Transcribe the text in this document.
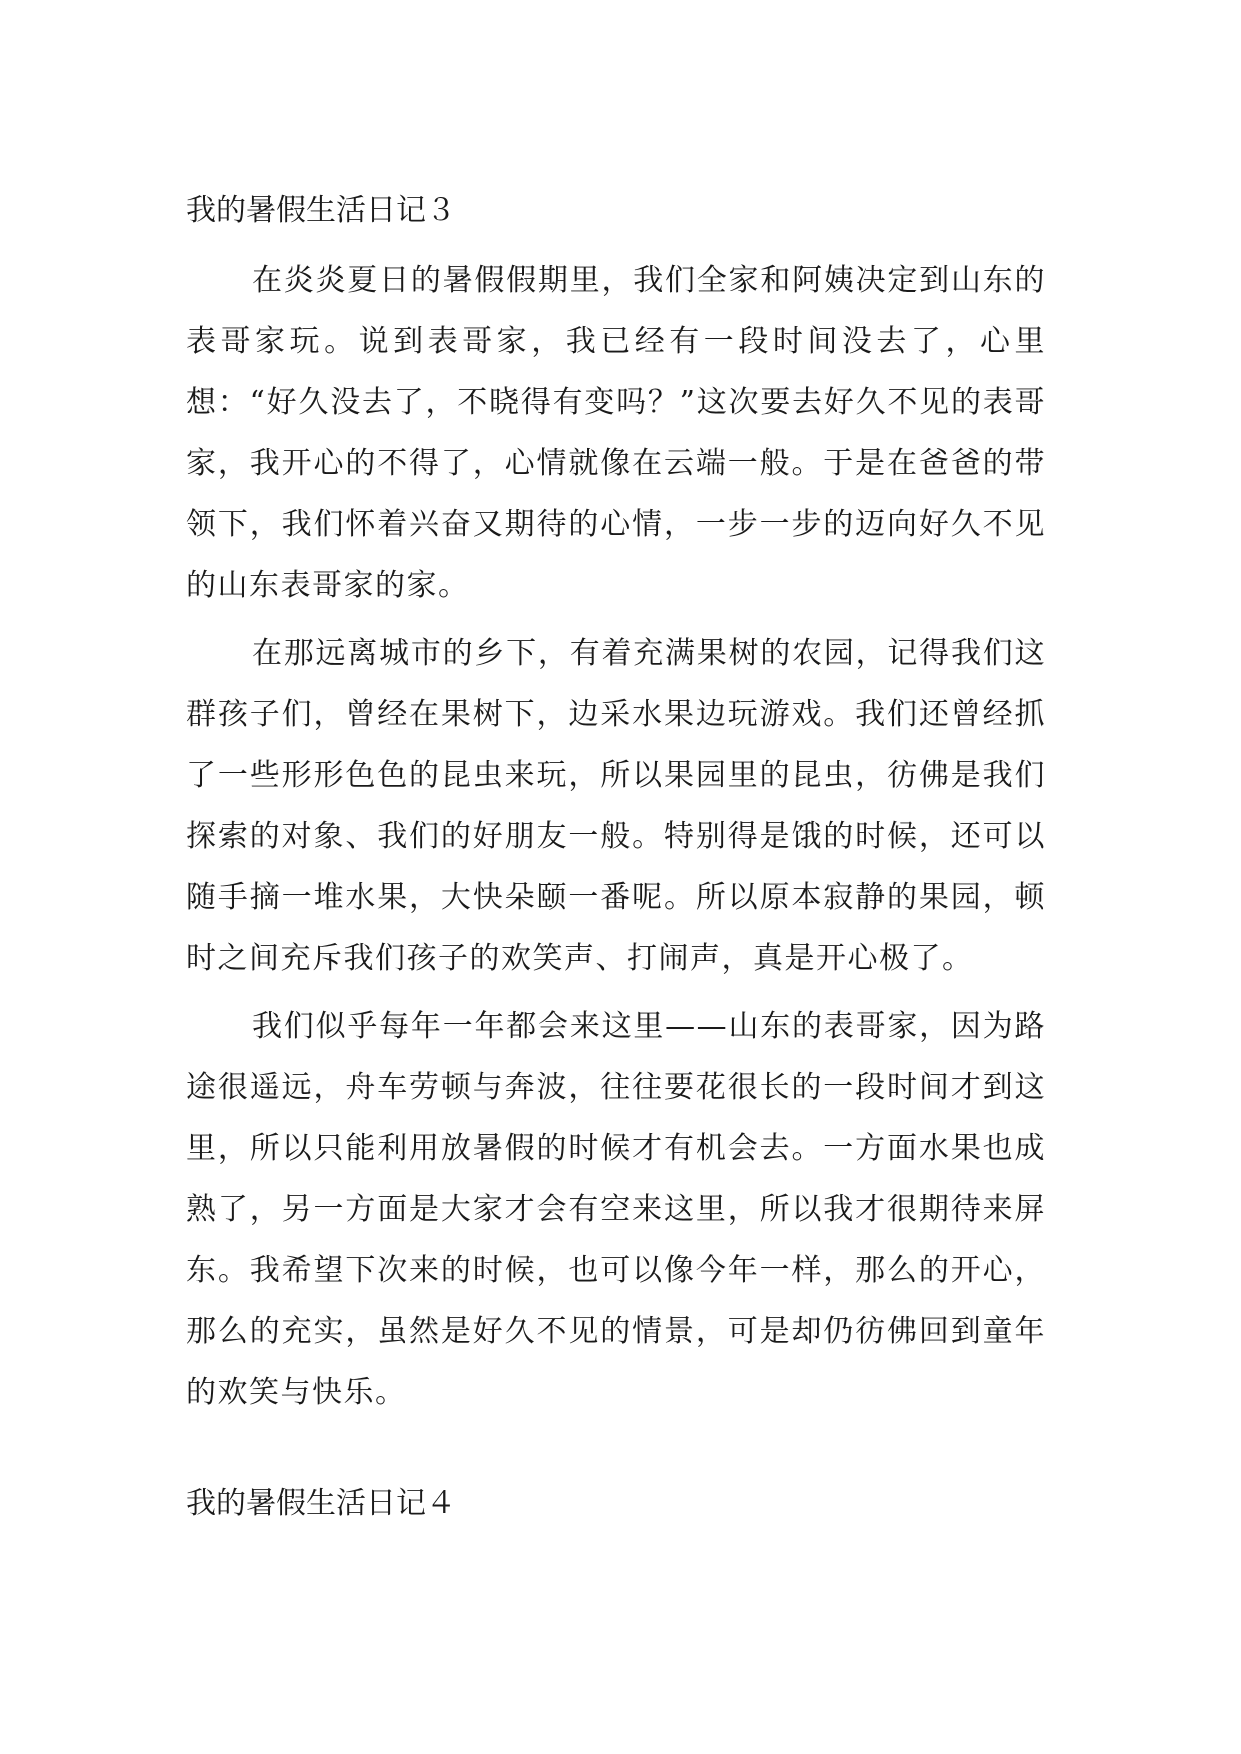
我的暑假生活日记３

在炎炎夏日的暑假假期里，我们全家和阿姨决定到山东的表哥家玩。说到表哥家，我已经有一段时间没去了，心里想：“好久没去了，不晓得有变吗？”这次要去好久不见的表哥家，我开心的不得了，心情就像在云端一般。于是在爸爸的带领下，我们怀着兴奋又期待的心情，一步一步的迈向好久不见的山东表哥家的家。

在那远离城市的乡下，有着充满果树的农园，记得我们这群孩子们，曾经在果树下，边采水果边玩游戏。我们还曾经抓了一些形形色色的昆虫来玩，所以果园里的昆虫，彷佛是我们探索的对象、我们的好朋友一般。特别得是饿的时候，还可以随手摘一堆水果，大快朵颐一番呢。所以原本寂静的果园，顿时之间充斥我们孩子的欢笑声、打闹声，真是开心极了。

我们似乎每年一年都会来这里——山东的表哥家，因为路途很遥远，舟车劳顿与奔波，往往要花很长的一段时间才到这里，所以只能利用放暑假的时候才有机会去。一方面水果也成熟了，另一方面是大家才会有空来这里，所以我才很期待来屏东。我希望下次来的时候，也可以像今年一样，那么的开心，那么的充实，虽然是好久不见的情景，可是却仍彷佛回到童年的欢笑与快乐。

我的暑假生活日记４
